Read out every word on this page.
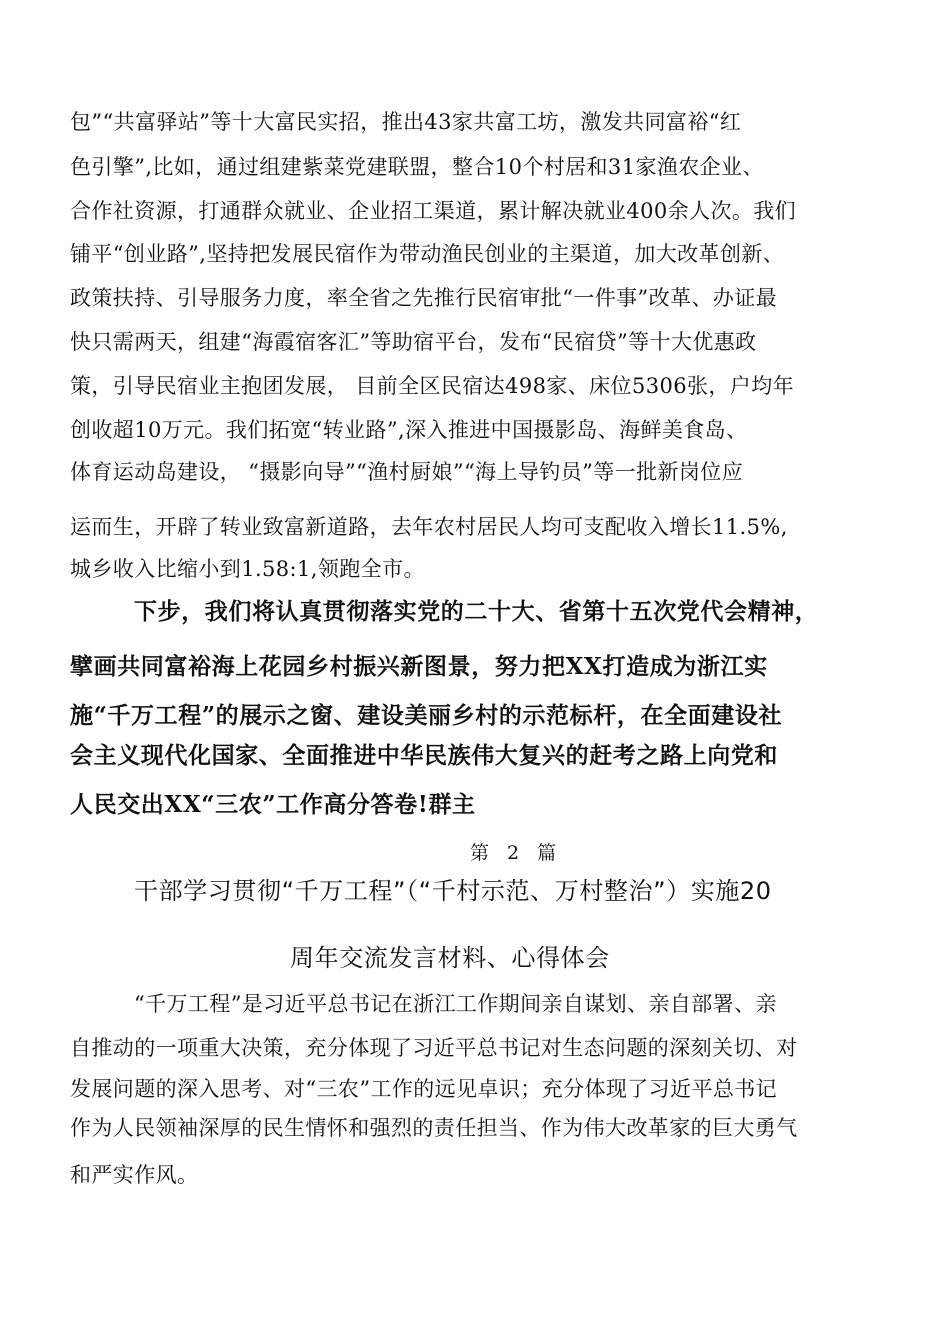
包”“共富驿站”等十大富民实招，推出43家共富工坊，激发共同富裕“红
色引擎”,比如，通过组建紫菜党建联盟，整合10个村居和31家渔农企业、
合作社资源，打通群众就业、企业招工渠道，累计解决就业400余人次。我们
铺平“创业路”,坚持把发展民宿作为带动渔民创业的主渠道，加大改革创新、
政策扶持、引导服务力度，率全省之先推行民宿审批“一件事”改革、办证最
快只需两天，组建“海霞宿客汇”等助宿平台，发布“民宿贷”等十大优惠政
策，引导民宿业主抱团发展， 目前全区民宿达498家、床位5306张，户均年
创收超10万元。我们拓宽“转业路”,深入推进中国摄影岛、海鲜美食岛、
体育运动岛建设， “摄影向导”“渔村厨娘”“海上导钓员”等一批新岗位应
运而生，开辟了转业致富新道路，去年农村居民人均可支配收入增长11.5%,
城乡收入比缩小到1.58:1,领跑全市。
下步，我们将认真贯彻落实党的二十大、省第十五次党代会精神，
擘画共同富裕海上花园乡村振兴新图景，努力把XX打造成为浙江实
施“千万工程”的展示之窗、建设美丽乡村的示范标杆，在全面建设社
会主义现代化国家、全面推进中华民族伟大复兴的赶考之路上向党和
人民交出XX“三农”工作高分答卷!群主
第 2 篇
干部学习贯彻“千万工程”（“千村示范、万村整治”）实施20
周年交流发言材料、心得体会
“千万工程”是习近平总书记在浙江工作期间亲自谋划、亲自部署、亲
自推动的一项重大决策，充分体现了习近平总书记对生态问题的深刻关切、对
发展问题的深入思考、对“三农”工作的远见卓识；充分体现了习近平总书记
作为人民领袖深厚的民生情怀和强烈的责任担当、作为伟大改革家的巨大勇气
和严实作风。
